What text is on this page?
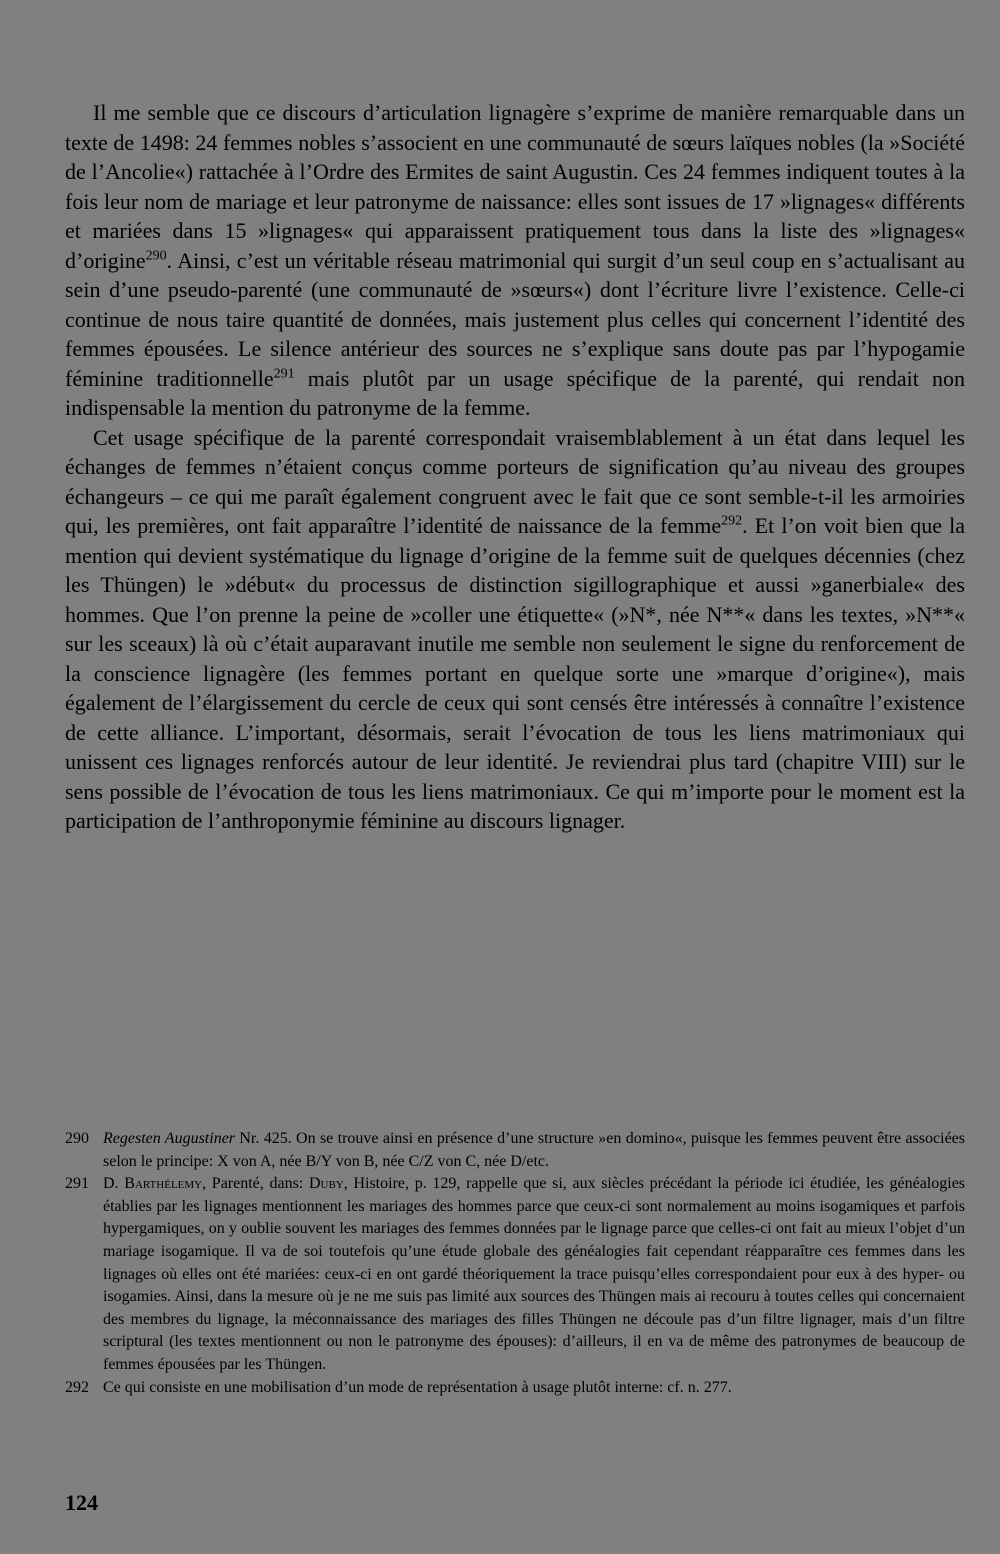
Il me semble que ce discours d’articulation lignagère s’exprime de manière remarquable dans un texte de 1498: 24 femmes nobles s’associent en une communauté de sœurs laïques nobles (la »Société de l’Ancolie«) rattachée à l’Ordre des Ermites de saint Augustin. Ces 24 femmes indiquent toutes à la fois leur nom de mariage et leur patronyme de naissance: elles sont issues de 17 »lignages« différents et mariées dans 15 »lignages« qui apparaissent pratiquement tous dans la liste des »lignages« d’origine$^{290}$. Ainsi, c’est un véritable réseau matrimonial qui surgit d’un seul coup en s’actualisant au sein d’une pseudo-parenté (une communauté de »sœurs«) dont l’écriture livre l’existence. Celle-ci continue de nous taire quantité de données, mais justement plus celles qui concernent l’identité des femmes épousées. Le silence antérieur des sources ne s’explique sans doute pas par l’hypogamie féminine traditionnelle$^{291}$ mais plutôt par un usage spécifique de la parenté, qui rendait non indispensable la mention du patronyme de la femme.

Cet usage spécifique de la parenté correspondait vraisemblablement à un état dans lequel les échanges de femmes n’étaient conçus comme porteurs de signification qu’au niveau des groupes échangeurs – ce qui me paraît également congruent avec le fait que ce sont semble-t-il les armoiries qui, les premières, ont fait apparaître l’identité de naissance de la femme$^{292}$. Et l’on voit bien que la mention qui devient systématique du lignage d’origine de la femme suit de quelques décennies (chez les Thüngen) le »début« du processus de distinction sigillographique et aussi »ganerbiale« des hommes. Que l’on prenne la peine de »coller une étiquette« (»N*, née N**« dans les textes, »N**« sur les sceaux) là où c’était auparavant inutile me semble non seulement le signe du renforcement de la conscience lignagère (les femmes portant en quelque sorte une »marque d’origine«), mais également de l’élargissement du cercle de ceux qui sont censés être intéressés à connaître l’existence de cette alliance. L’important, désormais, serait l’évocation de tous les liens matrimoniaux qui unissent ces lignages renforcés autour de leur identité. Je reviendrai plus tard (chapitre VIII) sur le sens possible de l’évocation de tous les liens matrimoniaux. Ce qui m’importe pour le moment est la participation de l’anthroponymie féminine au discours lignager.

290 Regesten Augustiner Nr. 425. On se trouve ainsi en présence d’une structure »en domino«, puisque les femmes peuvent être associées selon le principe: X von A, née B/Y von B, née C/Z von C, née D/etc.
291 D. Barthélemy, Parenté, dans: Duby, Histoire, p. 129, rappelle que si, aux siècles précédant la période ici étudiée, les généalogies établies par les lignages mentionnent les mariages des hommes parce que ceux-ci sont normalement au moins isogamiques et parfois hypergamiques, on y oublie souvent les mariages des femmes données par le lignage parce que celles-ci ont fait au mieux l’objet d’un mariage isogamique. Il va de soi toutefois qu’une étude globale des généalogies fait cependant réapparaître ces femmes dans les lignages où elles ont été mariées: ceux-ci en ont gardé théoriquement la trace puisqu’elles correspondaient pour eux à des hyper- ou isogamies. Ainsi, dans la mesure où je ne me suis pas limité aux sources des Thüngen mais ai recouru à toutes celles qui concernaient des membres du lignage, la méconnaissance des mariages des filles Thüngen ne découle pas d’un filtre lignager, mais d’un filtre scriptural (les textes mentionnent ou non le patronyme des épouses): d’ailleurs, il en va de même des patronymes de beaucoup de femmes épousées par les Thüngen.
292 Ce qui consiste en une mobilisation d’un mode de représentation à usage plutôt interne: cf. n. 277.
124
